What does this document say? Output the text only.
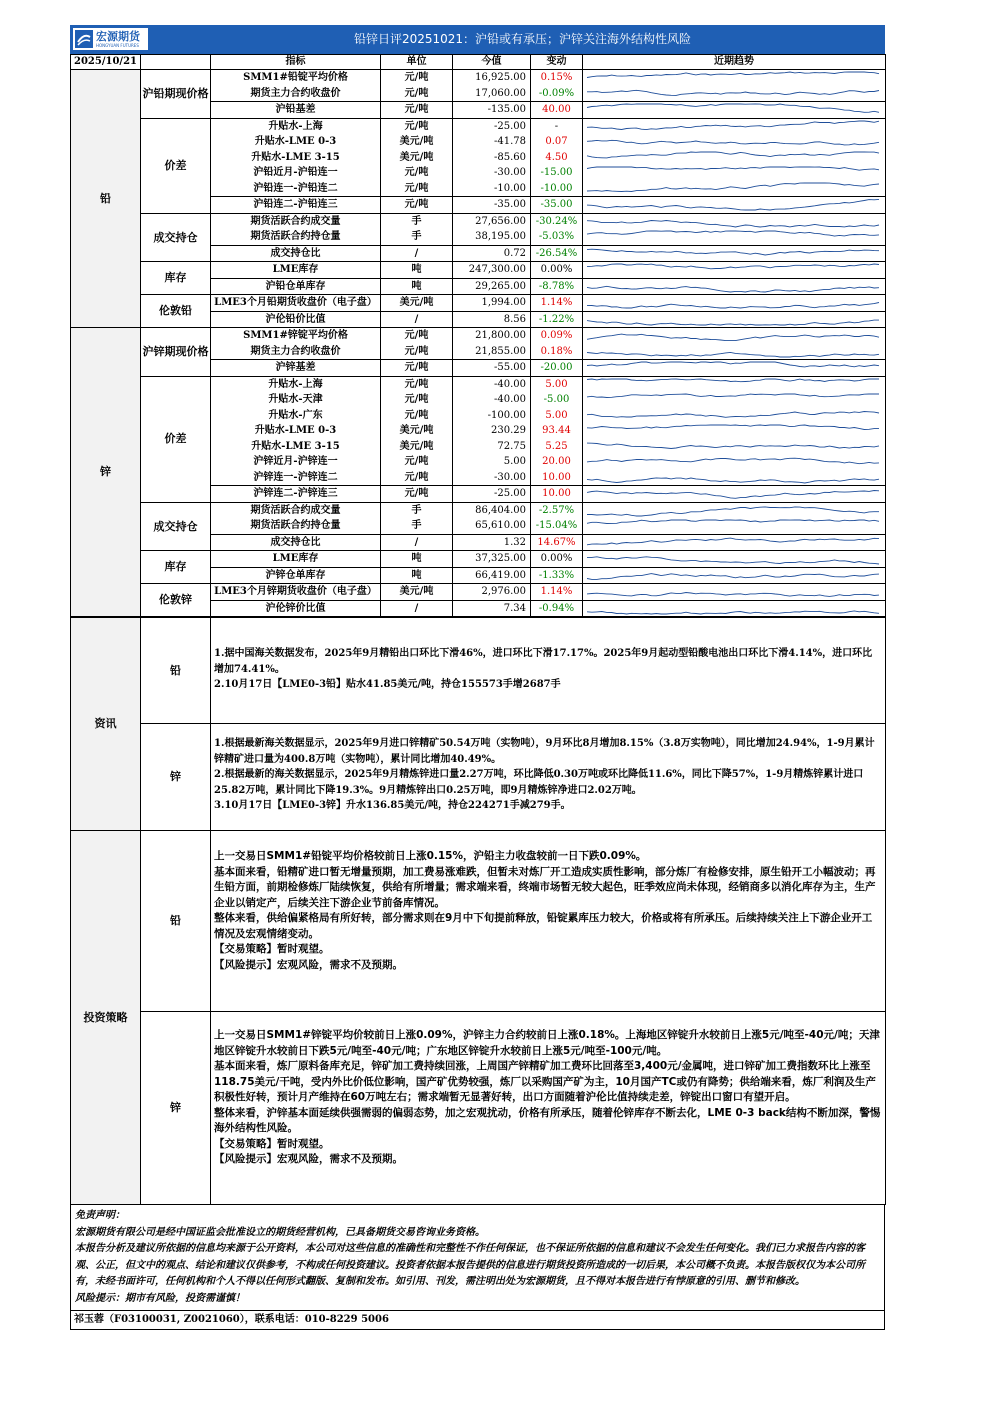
宏源期货
HONGYUAN FUTURES	铅锌日评20251021：沪铅或有承压；沪锌关注海外结构性风险
2025/10/21		指标	单位	今值	变动	近期趋势
铅	沪铅期现价格	SMM1#铅锭平均价格	元/吨	16,925.00	0.15%	

		期货主力合约收盘价	元/吨	17,060.00	-0.09%	

		沪铅基差	元/吨	-135.00	40.00	

	价差	升贴水-上海	元/吨	-25.00	-	

		升贴水-LME 0-3	美元/吨	-41.78	0.07	

		升贴水-LME 3-15	美元/吨	-85.60	4.50	

		沪铅近月-沪铅连一	元/吨	-30.00	-15.00	

		沪铅连一-沪铅连二	元/吨	-10.00	-10.00	

		沪铅连二-沪铅连三	元/吨	-35.00	-35.00	

	成交持仓	期货活跃合约成交量	手	27,656.00	-30.24%	

		期货活跃合约持仓量	手	38,195.00	-5.03%	

		成交持仓比	/	0.72	-26.54%	

	库存	LME库存	吨	247,300.00	0.00%	

		沪铅仓单库存	吨	29,265.00	-8.78%	

	伦敦铅	LME3个月铅期货收盘价（电子盘）	美元/吨	1,994.00	1.14%	

		沪伦铅价比值	/	8.56	-1.22%	

锌	沪锌期现价格	SMM1#锌锭平均价格	元/吨	21,800.00	0.09%	

		期货主力合约收盘价	元/吨	21,855.00	0.18%	

		沪锌基差	元/吨	-55.00	-20.00	

	价差	升贴水-上海	元/吨	-40.00	5.00	

		升贴水-天津	元/吨	-40.00	-5.00	

		升贴水-广东	元/吨	-100.00	5.00	

		升贴水-LME 0-3	美元/吨	230.29	93.44	

		升贴水-LME 3-15	美元/吨	72.75	5.25	

		沪锌近月-沪锌连一	元/吨	5.00	20.00	

		沪锌连一-沪锌连二	元/吨	-30.00	10.00	

		沪锌连二-沪锌连三	元/吨	-25.00	10.00	

	成交持仓	期货活跃合约成交量	手	86,404.00	-2.57%	

		期货活跃合约持仓量	手	65,610.00	-15.04%	

		成交持仓比	/	1.32	14.67%	

	库存	LME库存	吨	37,325.00	0.00%	

		沪锌仓单库存	吨	66,419.00	-1.33%	

	伦敦锌	LME3个月锌期货收盘价（电子盘）	美元/吨	2,976.00	1.14%	

		沪伦锌价比值	/	7.34	-0.94%	
资讯	铅	1.据中国海关数据发布，2025年9月精铅出口环比下滑46%，进口环比下滑17.17%。2025年9月起动型铅酸电池出口环比下滑4.14%，进口环比增加74.41%。

2.10月17日【LME0-3铅】贴水41.85美元/吨，持仓155573手增2687手

	锌	1.根据最新海关数据显示，2025年9月进口锌精矿50.54万吨（实物吨），9月环比8月增加8.15%（3.8万实物吨），同比增加24.94%，1-9月累计锌精矿进口量为400.8万吨（实物吨），累计同比增加40.49%。

2.根据最新的海关数据显示，2025年9月精炼锌进口量2.27万吨，环比降低0.30万吨或环比降低11.6%，同比下降57%，1-9月精炼锌累计进口25.82万吨，累计同比下降19.3%。9月精炼锌出口0.25万吨，即9月精炼锌净进口2.02万吨。

3.10月17日【LME0-3锌】升水136.85美元/吨，持仓224271手减279手。

投资策略	铅	上一交易日SMM1#铅锭平均价格较前日上涨0.15%，沪铅主力收盘较前一日下跌0.09%。

基本面来看，铅精矿进口暂无增量预期，加工费易涨难跌，但暂未对炼厂开工造成实质性影响，部分炼厂有检修安排，原生铅开工小幅波动；再生铅方面，前期检修炼厂陆续恢复，供给有所增量；需求端来看，终端市场暂无较大起色，旺季效应尚未体现，经销商多以消化库存为主，生产企业以销定产，后续关注下游企业节前备库情况。

整体来看，供给偏紧格局有所好转，部分需求则在9月中下旬提前释放，铅锭累库压力较大，价格或将有所承压。后续持续关注上下游企业开工情况及宏观情绪变动。

【交易策略】暂时观望。

【风险提示】宏观风险，需求不及预期。

	锌	上一交易日SMM1#锌锭平均价较前日上涨0.09%，沪锌主力合约较前日上涨0.18%。上海地区锌锭升水较前日上涨5元/吨至-40元/吨；天津地区锌锭升水较前日下跌5元/吨至-40元/吨；广东地区锌锭升水较前日上涨5元/吨至-100元/吨。

基本面来看，炼厂原料备库充足，锌矿加工费持续回涨，上周国产锌精矿加工费环比回落至3,400元/金属吨，进口锌矿加工费指数环比上涨至118.75美元/干吨，受内外比价低位影响，国产矿优势较强，炼厂以采购国产矿为主，10月国产TC或仍有降势；供给端来看，炼厂利润及生产积极性好转，预计月产维持在60万吨左右；需求端暂无显著好转，出口方面随着沪伦比值持续走差，锌锭出口窗口有望开启。

整体来看，沪锌基本面延续供强需弱的偏弱态势，加之宏观扰动，价格有所承压，随着伦锌库存不断去化，LME 0-3 back结构不断加深，警惕海外结构性风险。

【交易策略】暂时观望。

【风险提示】宏观风险，需求不及预期。

免责声明：

宏源期货有限公司是经中国证监会批准设立的期货经营机构，已具备期货交易咨询业务资格。

本报告分析及建议所依据的信息均来源于公开资料，本公司对这些信息的准确性和完整性不作任何保证，也不保证所依据的信息和建议不会发生任何变化。我们已力求报告内容的客观、公正，但文中的观点、结论和建议仅供参考，不构成任何投资建议。投资者依据本报告提供的信息进行期货投资所造成的一切后果，本公司概不负责。本报告版权仅为本公司所有，未经书面许可，任何机构和个人不得以任何形式翻版、复制和发布。如引用、刊发，需注明出处为宏源期货，且不得对本报告进行有悖原意的引用、删节和修改。

风险提示：期市有风险，投资需谨慎！

祁玉蓉（F03100031, Z0021060），联系电话：010-8229 5006
